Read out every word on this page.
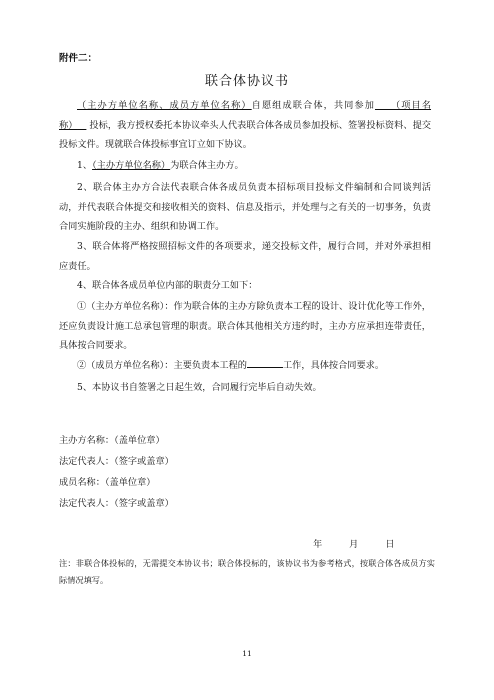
附件二：
联合体协议书
（主办方单位名称、成员方单位名称）自愿组成联合体，共同参加 （项目名称） 投标，我方授权委托本协议牵头人代表联合体各成员参加投标、签署投标资料、提交投标文件。现就联合体投标事宜订立如下协议。
1、（主办方单位名称）为联合体主办方。
2、联合体主办方合法代表联合体各成员负责本招标项目投标文件编制和合同谈判活动，并代表联合体提交和接收相关的资料、信息及指示，并处理与之有关的一切事务，负责合同实施阶段的主办、组织和协调工作。
3、联合体将严格按照招标文件的各项要求，递交投标文件，履行合同，并对外承担相应责任。
4、联合体各成员单位内部的职责分工如下：
①（主办方单位名称）：作为联合体的主办方除负责本工程的设计、设计优化等工作外，还应负责设计施工总承包管理的职责。联合体其他相关方违约时，主办方应承担连带责任，具体按合同要求。
②（成员方单位名称）：主要负责本工程的	工作，具体按合同要求。
5、本协议书自签署之日起生效，合同履行完毕后自动失效。
主办方名称：（盖单位章）
法定代表人：（签字或盖章）
成员名称：（盖单位章）
法定代表人：（签字或盖章）
年	月	日
注：非联合体投标的，无需提交本协议书；联合体投标的，该协议书为参考格式，按联合体各成员方实际情况填写。
11
